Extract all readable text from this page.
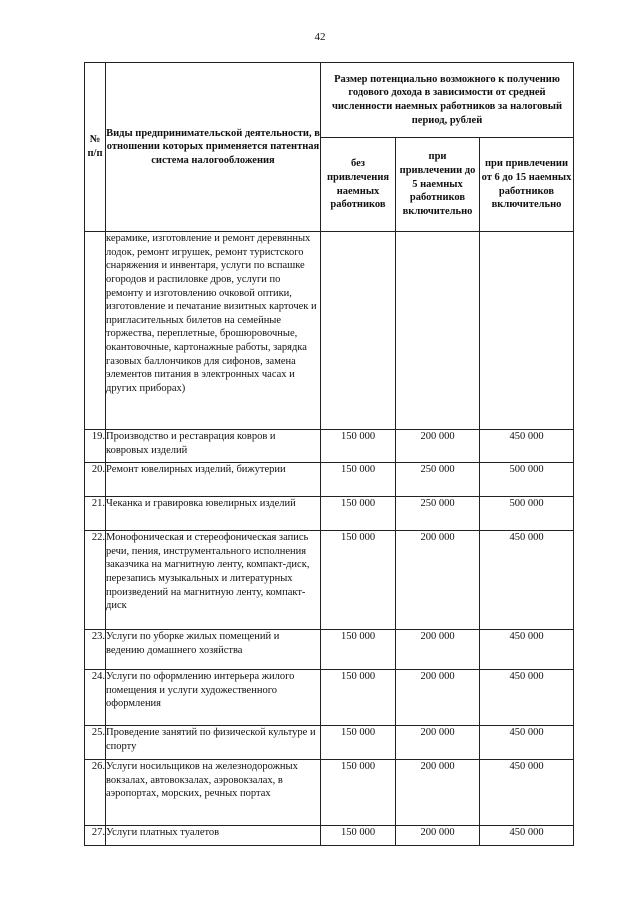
42
№ п/п	Виды предпринимательской деятельности, в отношении которых применяется патентная система налогообложения	Размер потенциально возможного к получению годового дохода в зависимости от средней численности наемных работников за налоговый период, рублей		
		без привлечения наемных работников	при привлечении до 5 наемных работников включительно	при привлечении от 6 до 15 наемных работников включительно
	керамике, изготовление и ремонт деревянных лодок, ремонт игрушек, ремонт туристского снаряжения и инвентаря, услуги по вспашке огородов и распиловке дров, услуги по ремонту и изготовлению очковой оптики, изготовление и печатание визитных карточек и пригласительных билетов на семейные торжества, переплетные, брошюровочные, окантовочные, картонажные работы, зарядка газовых баллончиков для сифонов, замена элементов питания в электронных часах и других приборах)			
19.	Производство и реставрация ковров и ковровых изделий	150 000	200 000	450 000
20.	Ремонт ювелирных изделий, бижутерии	150 000	250 000	500 000
21.	Чеканка и гравировка ювелирных изделий	150 000	250 000	500 000
22.	Монофоническая и стереофоническая запись речи, пения, инструментального исполнения заказчика на магнитную ленту, компакт-диск, перезапись музыкальных и литературных произведений на магнитную ленту, компакт-диск	150 000	200 000	450 000
23.	Услуги по уборке жилых помещений и ведению домашнего хозяйства	150 000	200 000	450 000
24.	Услуги по оформлению интерьера жилого помещения и услуги художественного оформления	150 000	200 000	450 000
25.	Проведение занятий по физической культуре и спорту	150 000	200 000	450 000
26.	Услуги носильщиков на железнодорожных вокзалах, автовокзалах, аэровокзалах, в аэропортах, морских, речных портах	150 000	200 000	450 000
27.	Услуги платных туалетов	150 000	200 000	450 000
